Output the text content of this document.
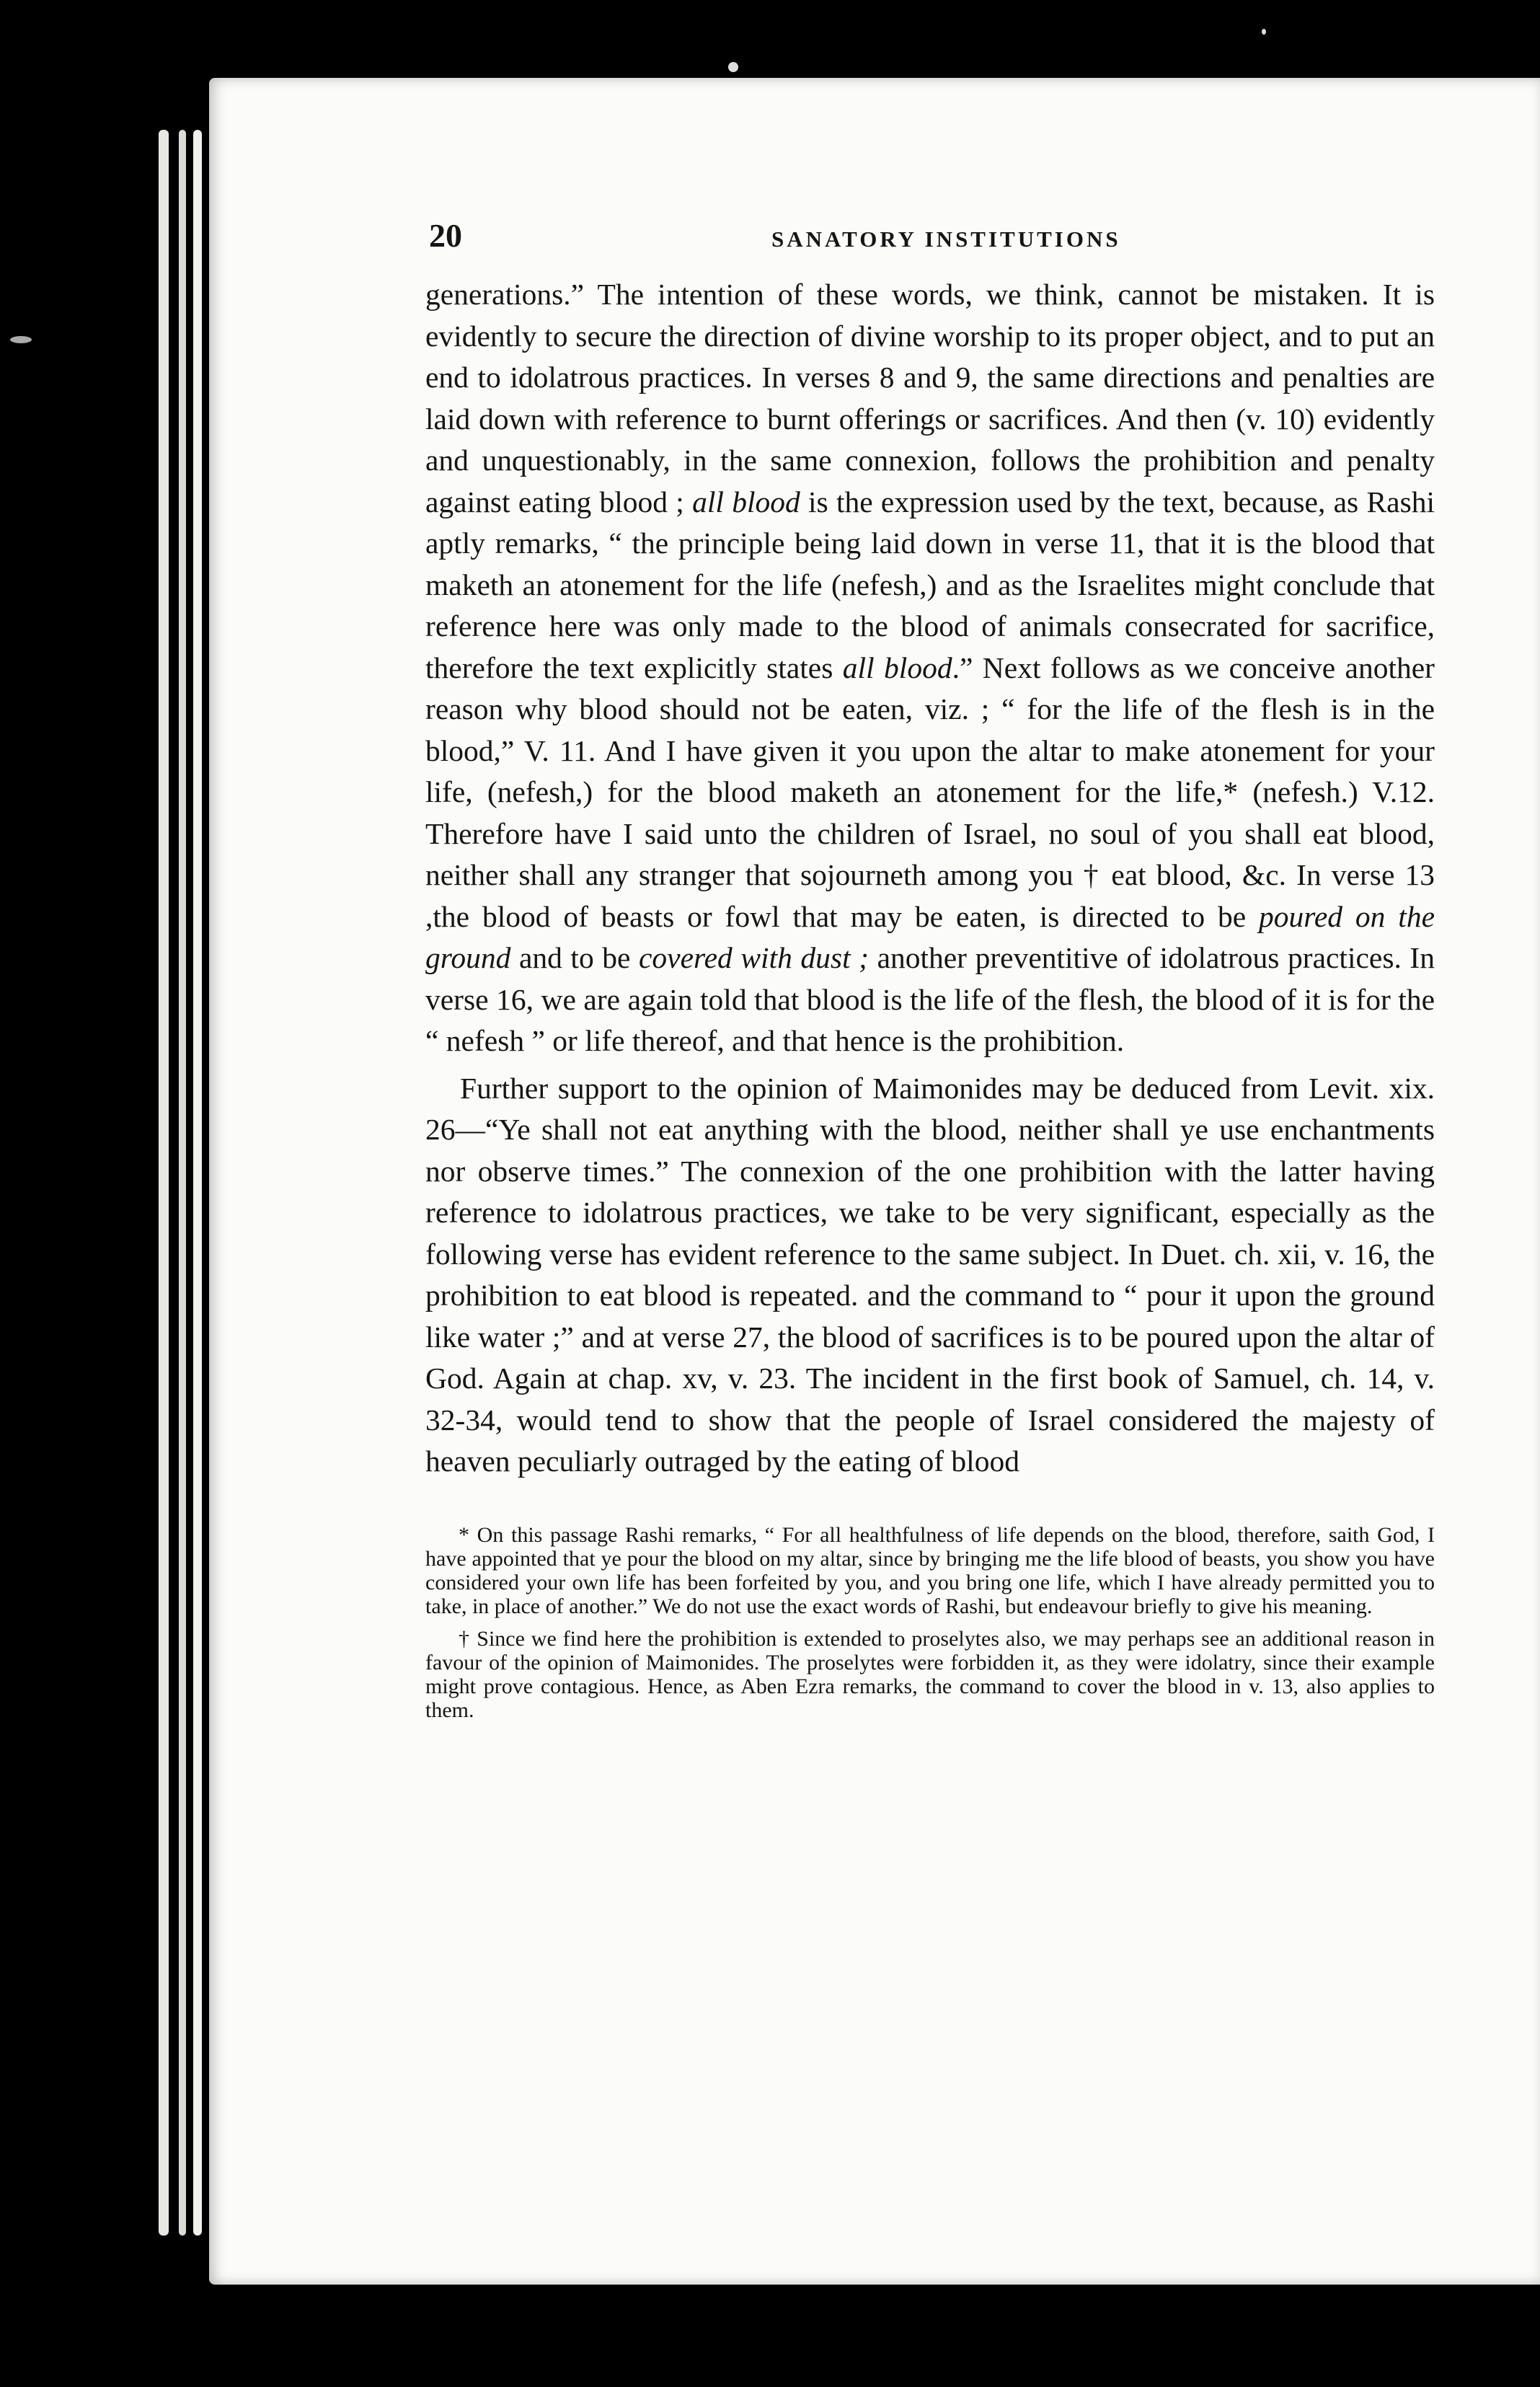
20	SANATORY INSTITUTIONS

generations.” The intention of these words, we think, cannot be mistaken. It is evidently to secure the direction of divine worship to its proper object, and to put an end to idolatrous practices. In verses 8 and 9, the same directions and penalties are laid down with reference to burnt offerings or sacrifices. And then (v. 10) evidently and unquestionably, in the same connexion, follows the prohibition and penalty against eating blood ; all blood is the expression used by the text, because, as Rashi aptly remarks, “ the principle being laid down in verse 11, that it is the blood that maketh an atonement for the life (nefesh,) and as the Israelites might conclude that reference here was only made to the blood of animals consecrated for sacrifice, therefore the text explicitly states all blood.” Next follows as we conceive another reason why blood should not be eaten, viz. ; “ for the life of the flesh is in the blood,” V. 11. And I have given it you upon the altar to make atonement for your life, (nefesh,) for the blood maketh an atonement for the life,* (nefesh.) V.12. Therefore have I said unto the children of Israel, no soul of you shall eat blood, neither shall any stranger that sojourneth among you † eat blood, &c. In verse 13 ,the blood of beasts or fowl that may be eaten, is directed to be poured on the ground and to be covered with dust ; another preventitive of idolatrous practices. In verse 16, we are again told that blood is the life of the flesh, the blood of it is for the “ nefesh ” or life thereof, and that hence is the prohibition.

Further support to the opinion of Maimonides may be deduced from Levit. xix. 26—“Ye shall not eat anything with the blood, neither shall ye use enchantments nor observe times.” The connexion of the one prohibition with the latter having reference to idolatrous practices, we take to be very significant, especially as the following verse has evident reference to the same subject. In Duet. ch. xii, v. 16, the prohibition to eat blood is repeated. and the command to “ pour it upon the ground like water ;” and at verse 27, the blood of sacrifices is to be poured upon the altar of God. Again at chap. xv, v. 23. The incident in the first book of Samuel, ch. 14, v. 32-34, would tend to show that the people of Israel considered the majesty of heaven peculiarly outraged by the eating of blood

* On this passage Rashi remarks, “ For all healthfulness of life depends on the blood, therefore, saith God, I have appointed that ye pour the blood on my altar, since by bringing me the life blood of beasts, you show you have considered your own life has been forfeited by you, and you bring one life, which I have already permitted you to take, in place of another.” We do not use the exact words of Rashi, but endeavour briefly to give his meaning.

† Since we find here the prohibition is extended to proselytes also, we may perhaps see an additional reason in favour of the opinion of Maimonides. The proselytes were forbidden it, as they were idolatry, since their example might prove contagious. Hence, as Aben Ezra remarks, the command to cover the blood in v. 13, also applies to them.
